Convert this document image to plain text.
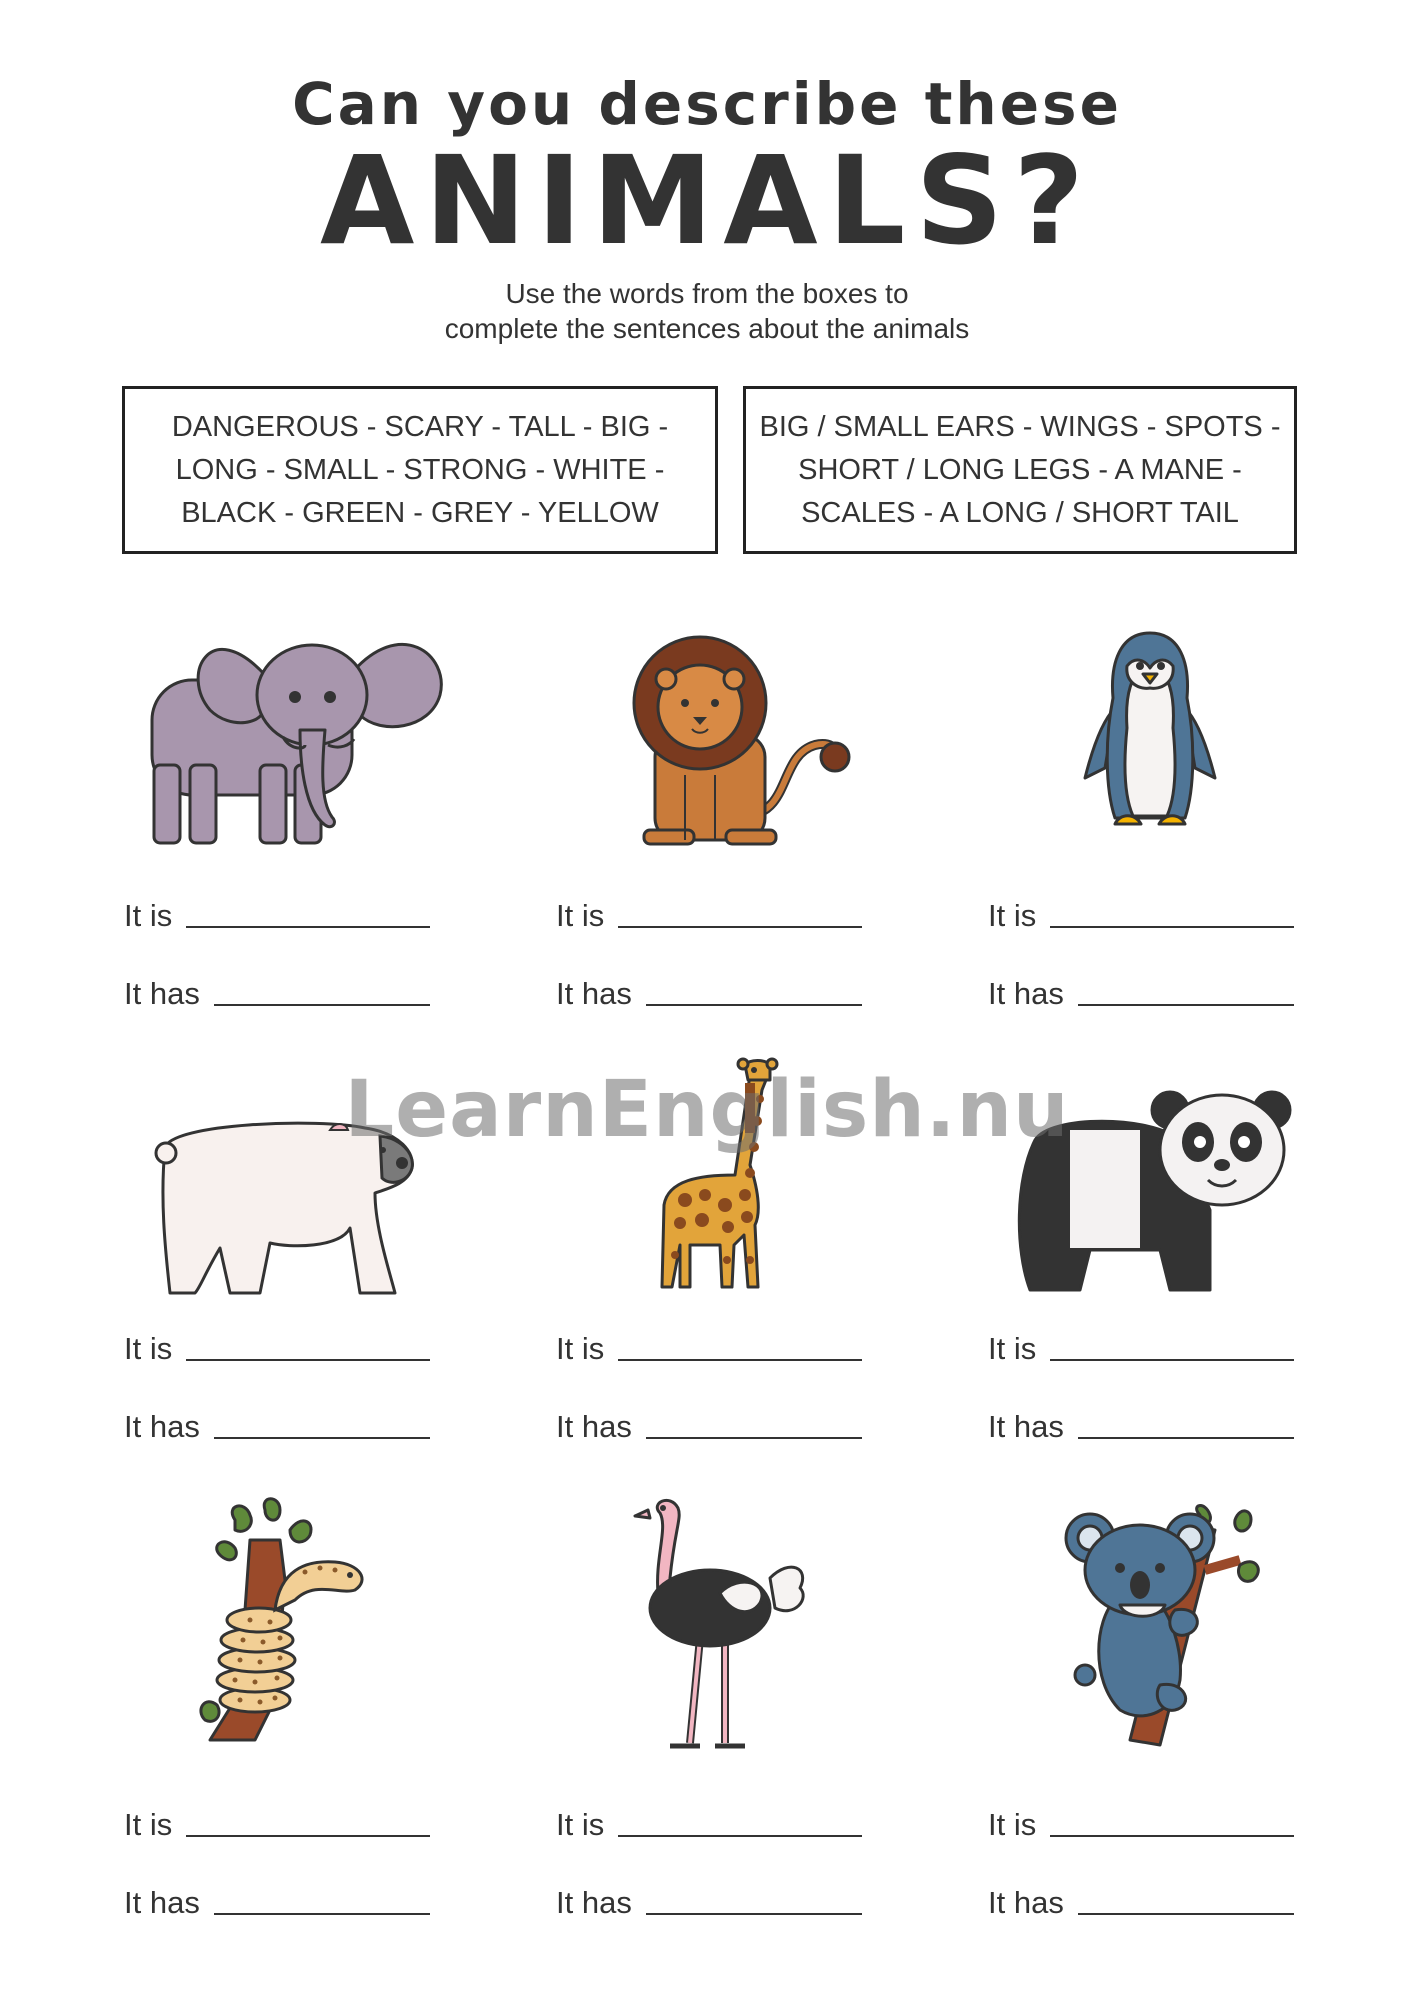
Can you describe these
ANIMALS?
Use the words from the boxes to
complete the sentences about the animals
DANGEROUS - SCARY - TALL - BIG -
LONG - SMALL - STRONG - WHITE -
BLACK - GREEN - GREY - YELLOW
BIG / SMALL EARS - WINGS - SPOTS -
SHORT / LONG LEGS - A MANE -
SCALES - A LONG / SHORT TAIL
LearnEnglish.nu
It is
It has
It is
It has
It is
It has
It is
It has
It is
It has
It is
It has
It is
It has
It is
It has
It is
It has
